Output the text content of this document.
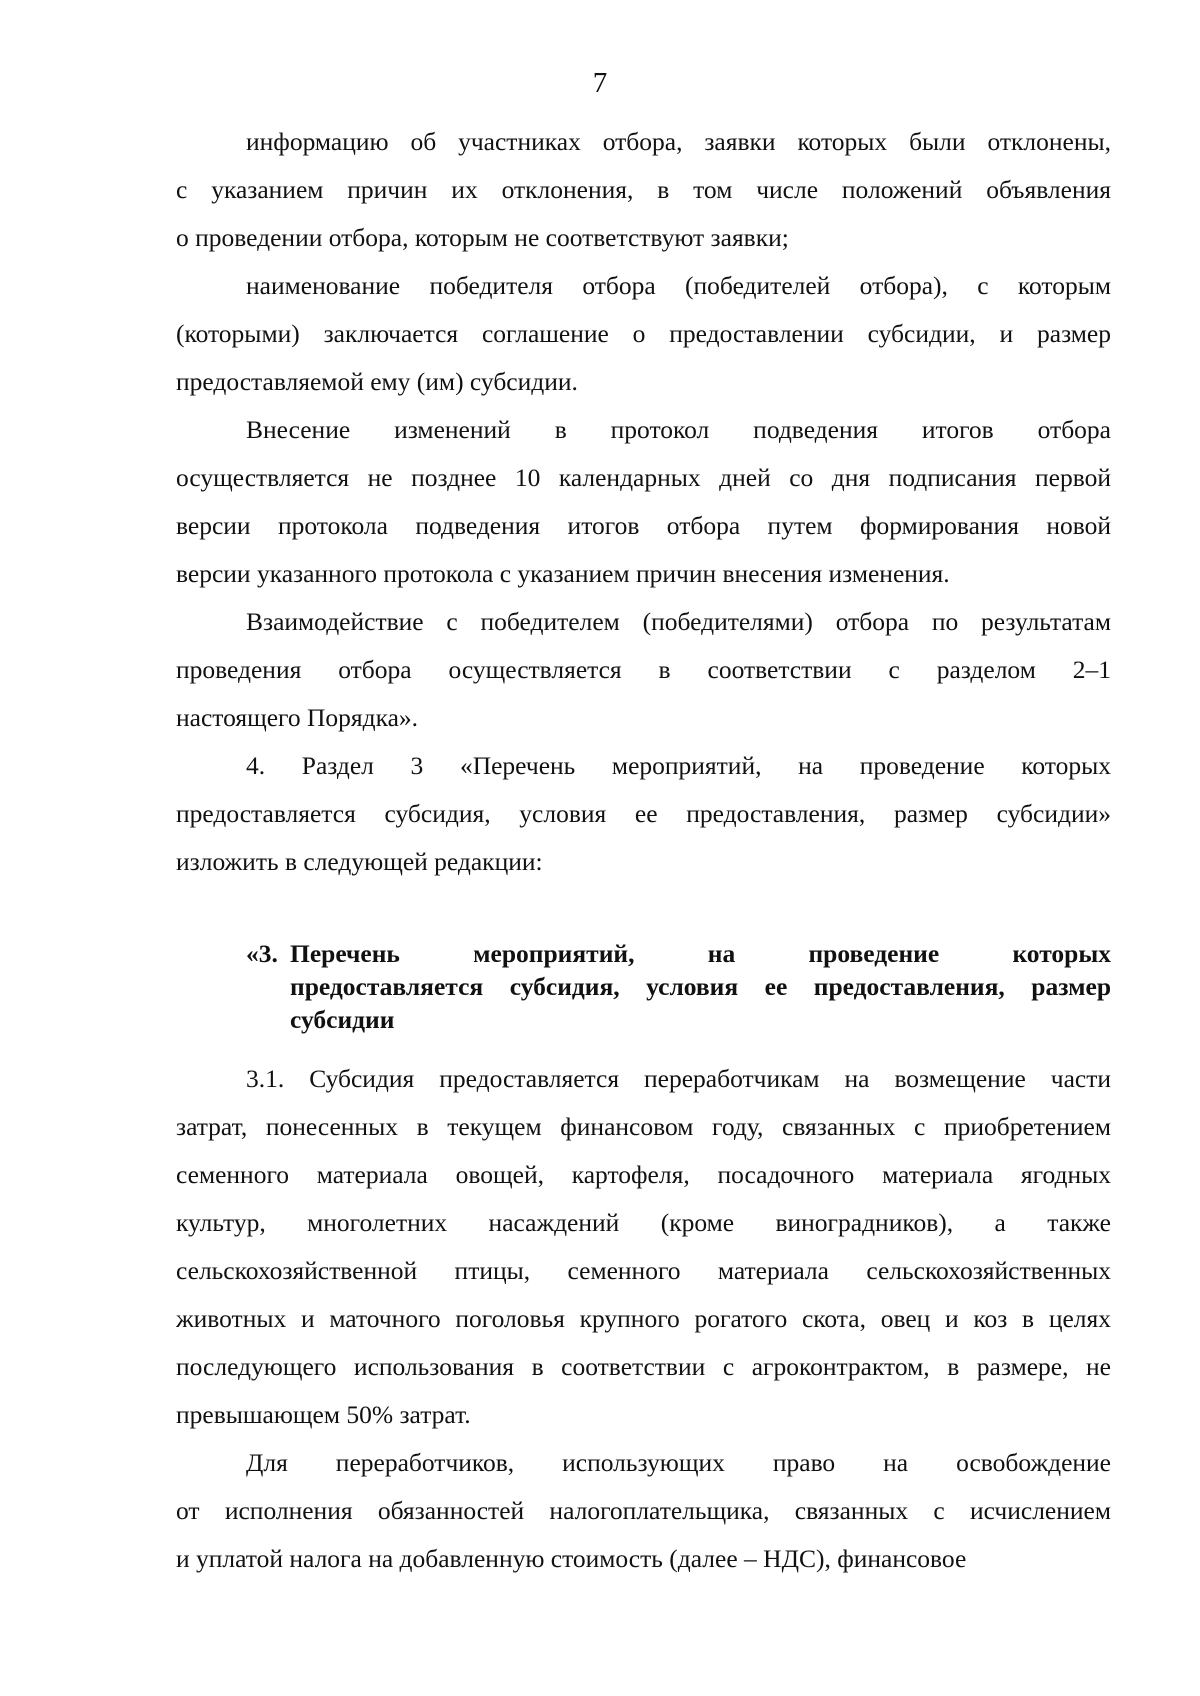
7
информацию об участниках отбора, заявки которых были отклонены,
с указанием причин их отклонения, в том числе положений объявления
о проведении отбора, которым не соответствуют заявки;
наименование победителя отбора (победителей отбора), с которым
(которыми) заключается соглашение о предоставлении субсидии, и размер
предоставляемой ему (им) субсидии.
Внесение изменений в протокол подведения итогов отбора
осуществляется не позднее 10 календарных дней со дня подписания первой
версии протокола подведения итогов отбора путем формирования новой
версии указанного протокола с указанием причин внесения изменения.
Взаимодействие с победителем (победителями) отбора по результатам
проведения отбора осуществляется в соответствии с разделом 2–1
настоящего Порядка».
4. Раздел 3 «Перечень мероприятий, на проведение которых
предоставляется субсидия, условия ее предоставления, размер субсидии»
изложить в следующей редакции:
«3. Перечень мероприятий, на проведение которых
предоставляется субсидия, условия ее предоставления, размер
субсидии
3.1. Субсидия предоставляется переработчикам на возмещение части
затрат, понесенных в текущем финансовом году, связанных с приобретением
семенного материала овощей, картофеля, посадочного материала ягодных
культур, многолетних насаждений (кроме виноградников), а также
сельскохозяйственной птицы, семенного материала сельскохозяйственных
животных и маточного поголовья крупного рогатого скота, овец и коз в целях
последующего использования в соответствии с агроконтрактом, в размере, не
превышающем 50% затрат.
Для переработчиков, использующих право на освобождение
от исполнения обязанностей налогоплательщика, связанных с исчислением
и уплатой налога на добавленную стоимость (далее – НДС), финансовое
